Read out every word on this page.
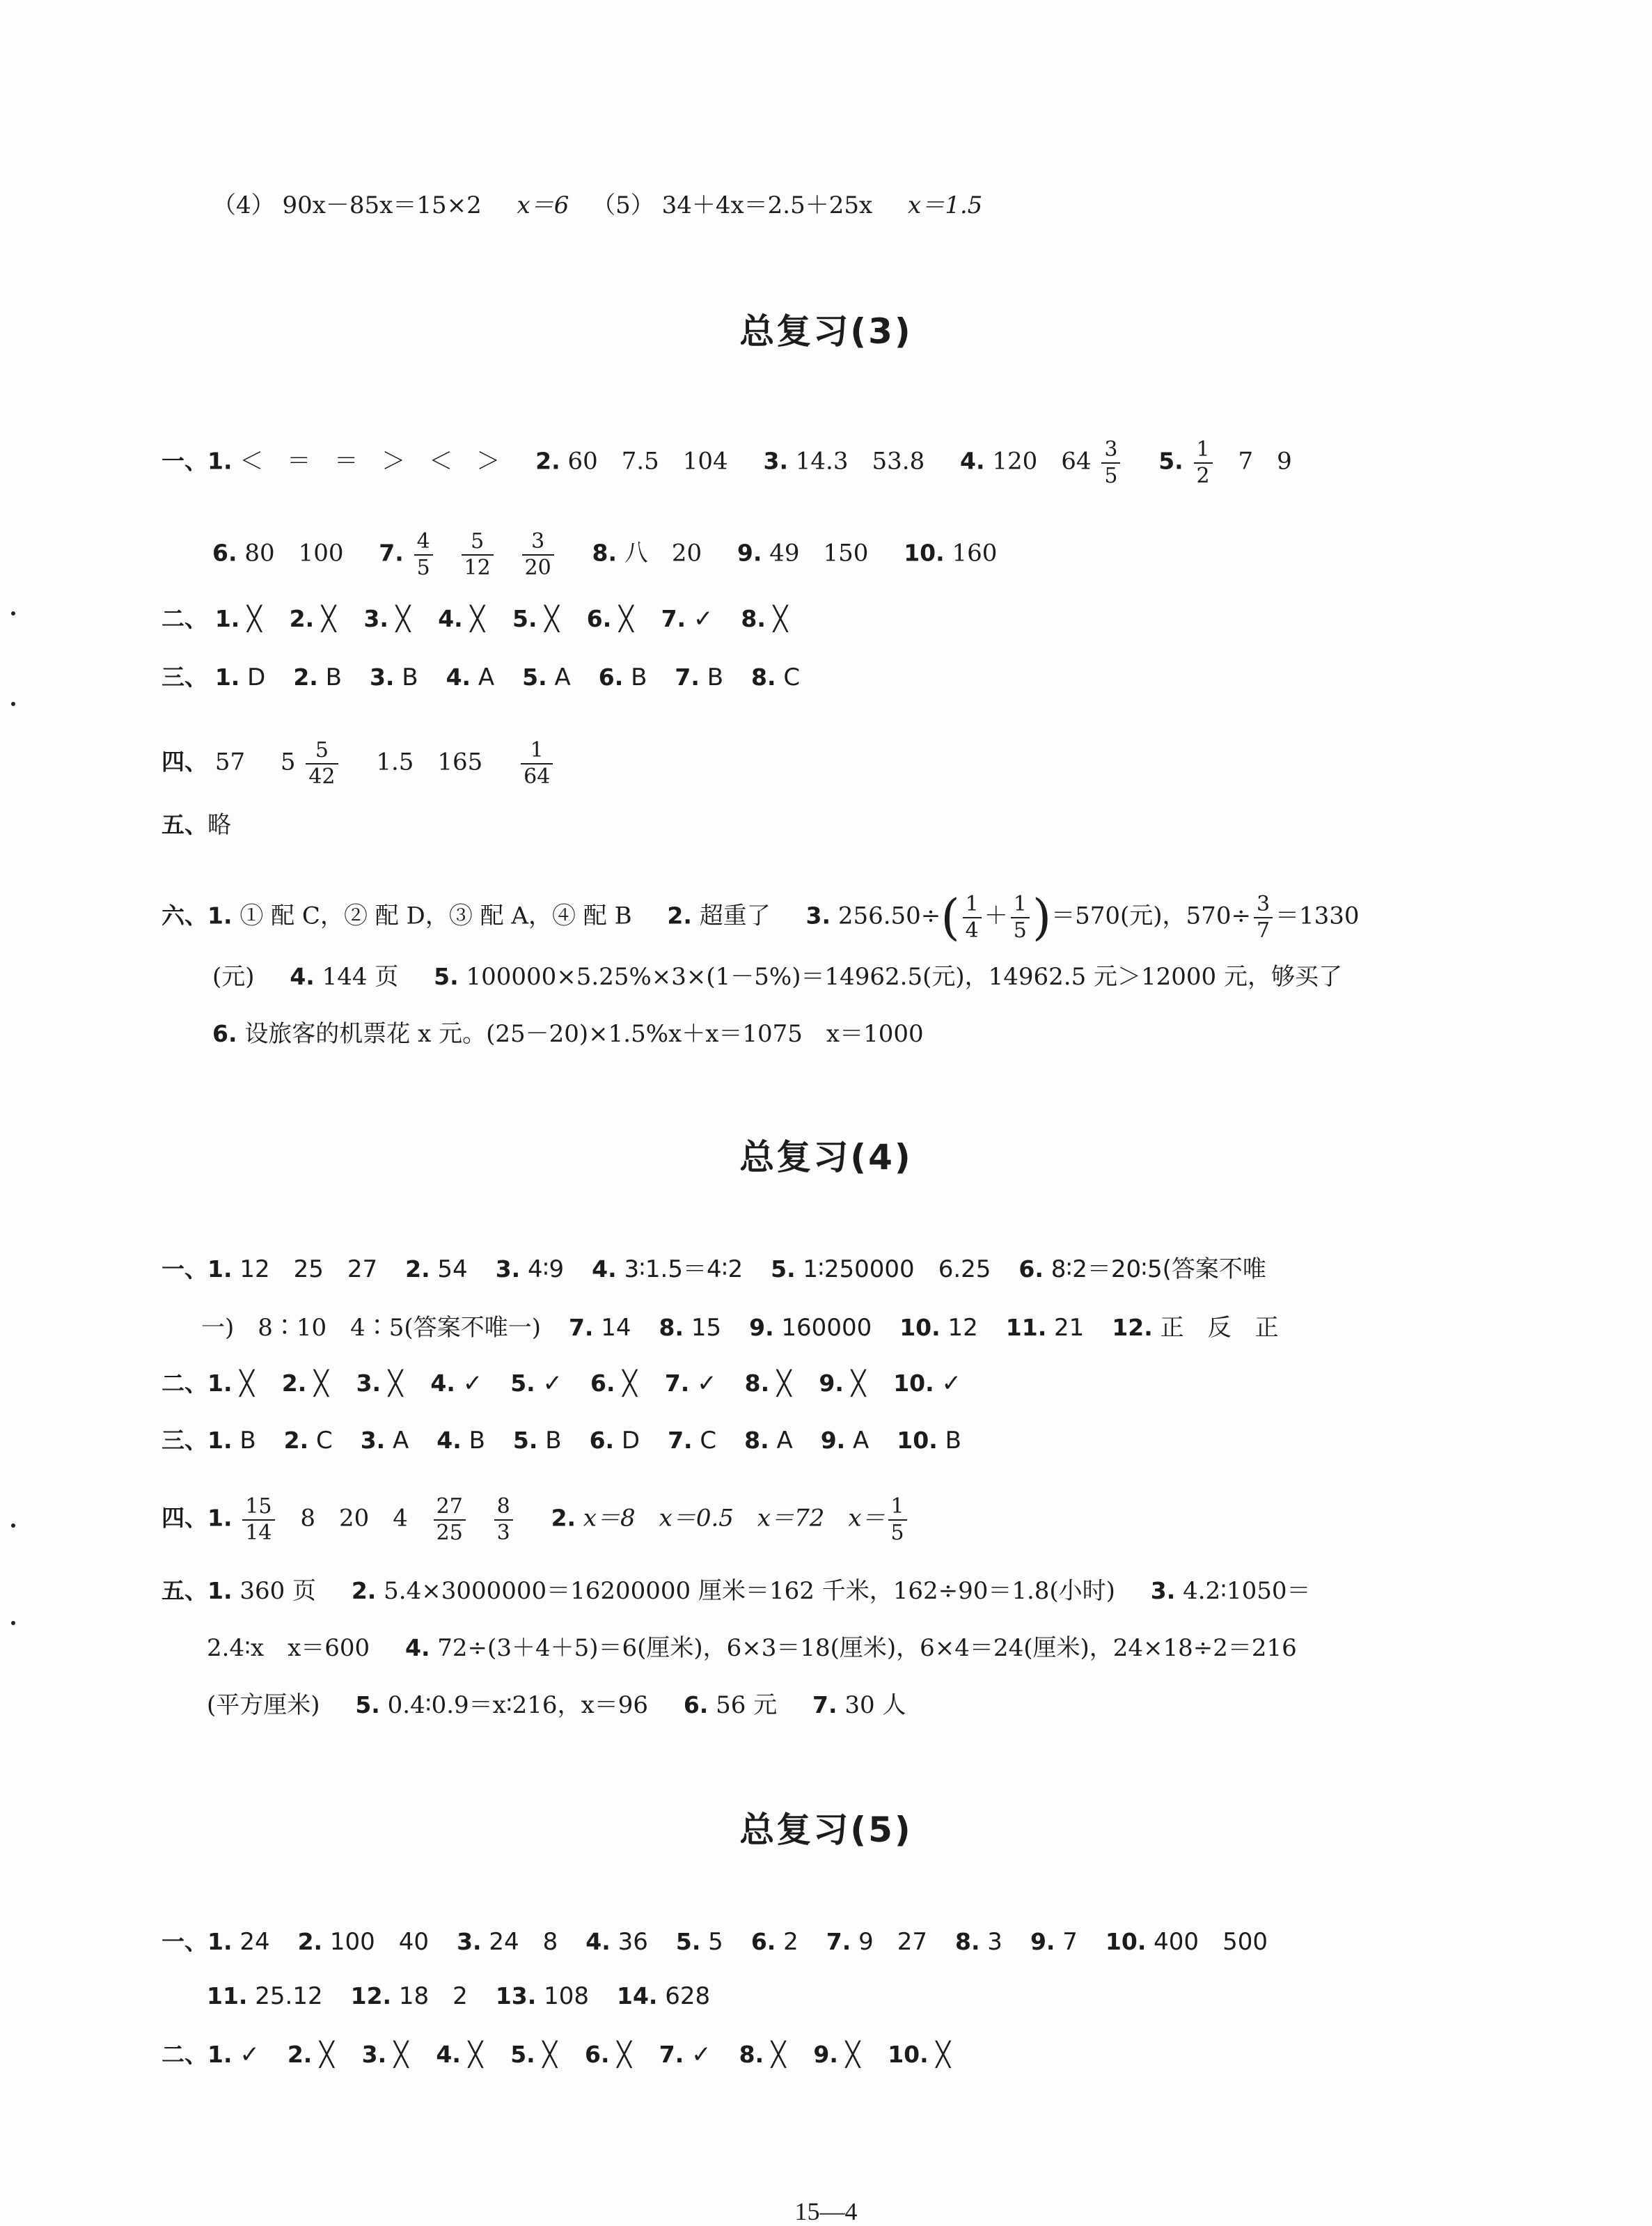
（4） 90x－85x＝15×2 x＝6 （5） 34＋4x＝2.5＋25x x＝1.5
总复习(3)
一、1. ＜　＝　＝　＞　＜　＞ 2. 60　7.5　104 3. 14.3　53.8 4. 120　$64 \frac{3}{5} 5$. $\frac{1}{2} 7$　9
6. 80　100 7. $\frac{4}{5}$
$\frac{5}{12}$
$\frac{3}{20} 8$. 八　20 9. 49　150 10. 160
二、 1. ╳ 2. ╳ 3. ╳ 4. ╳ 5. ╳ 6. ╳ 7. ✓ 8. ╳
三、 1. D 2. B 3. B 4. A 5. A 6. B 7. B 8. C
四、 57 $5 \frac{5}{42} 1.5$　$165 \frac{1}{64}$
五、略
六、1. ① 配 C，② 配 D，③ 配 A，④ 配 B 2. 超重了 3. $256.50\div( \frac{1}{4} + \frac{1}{5} )=570$(元)，$570\div \frac{3}{7} =1330$
(元) 4. 144 页 5. 100000×5.25%×3×(1－5%)＝14962.5(元)，14962.5 元＞12000 元，够买了
6. 设旅客的机票花 x 元。(25－20)×1.5%x＋x＝1075　x＝1000
总复习(4)
一、1. 12　25　27 2. 54 3. 4∶9 4. 3∶1.5＝4∶2 5. 1∶250000　6.25 6. 8∶2＝20∶5(答案不唯
一)　8∶10　4∶5(答案不唯一) 7. 14 8. 15 9. 160000 10. 12 11. 21 12. 正　反　正
二、1. ╳ 2. ╳ 3. ╳ 4. ✓ 5. ✓ 6. ╳ 7. ✓ 8. ╳ 9. ╳ 10. ✓
三、1. B 2. C 3. A 4. B 5. B 6. D 7. C 8. A 9. A 10. B
四、1. $\frac{15}{14} 8$　20　$4 \frac{27}{25}$
$\frac{8}{3} 2$. x＝8　x＝0.5　x＝72　$x= \frac{1}{5}$
五、1. 360 页 2. 5.4×3000000＝16200000 厘米＝162 千米，162÷90＝1.8(小时) 3. 4.2∶1050＝
2.4∶x　x＝600 4. 72÷(3＋4＋5)＝6(厘米)，6×3＝18(厘米)，6×4＝24(厘米)，24×18÷2＝216
(平方厘米) 5. 0.4∶0.9＝x∶216，x＝96 6. 56 元 7. 30 人
总复习(5)
一、1. 24 2. 100　40 3. 24　8 4. 36 5. 5 6. 2 7. 9　27 8. 3 9. 7 10. 400　500
11. 25.12 12. 18　2 13. 108 14. 628
二、1. ✓ 2. ╳ 3. ╳ 4. ╳ 5. ╳ 6. ╳ 7. ✓ 8. ╳ 9. ╳ 10. ╳
15—4
